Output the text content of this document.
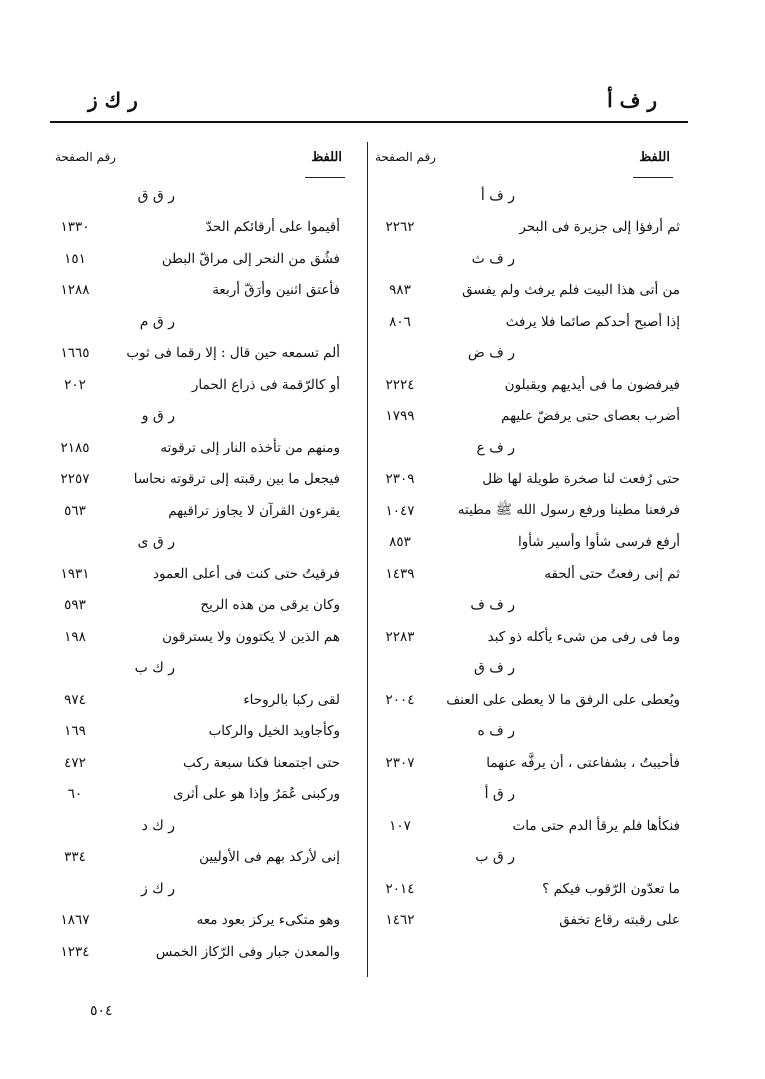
ر ف أ
ر ك ز
اللفظ
رقم الصفحة
اللفظ
رقم الصفحة
ر ف أ
ثم أرفؤا إلى جزيرة فى البحر
ر ف ث
من أتى هذا البيت فلم يرفث ولم يفسق
إذا أصبح أحدكم صائما فلا يرفث
ر ف ض
فيرفضون ما فى أيديهم ويقبلون
أضرب بعصاى حتى يرفضّ عليهم
ر ف ع
حتى رُفعت لنا صخرة طويلة لها ظل
فرفعنا مطينا ورفع رسول الله ﷺ مطيته
أرفع فرسى شأوا وأسير شأوا
ثم إنى رفعتُ حتى ألحقه
ر ف ف
وما فى رفى من شىء يأكله ذو كبد
ر ف ق
ويُعطى على الرفق ما لا يعطى على العنف
ر ف ه
فأحببتُ ، بشفاعتى ، أن يرفَّه عنهما
ر ق أ
فنكأها فلم يرقأ الدم حتى مات
ر ق ب
ما تعدّون الرّقوب فيكم ؟
على رقبته رقاع تخفق
٢٢٦٢
٩٨٣
٨٠٦
٢٢٢٤
١٧٩٩
٢٣٠٩
١٠٤٧
٨٥٣
١٤٣٩
٢٢٨٣
٢٠٠٤
٢٣٠٧
١٠٧
٢٠١٤
١٤٦٢
ر ق ق
أقيموا على أرقائكم الحدّ
فشُق من النحر إلى مراقّ البطن
فأعتق اثنين وأرَقّ أربعة
ر ق م
ألم تسمعه حين قال : إلا رقما فى ثوب
أو كالرّقمة فى ذراع الحمار
ر ق و
ومنهم من تأخذه النار إلى ترقوته
فيجعل ما بين رقبته إلى ترقوته نحاسا
يقرءون القرآن لا يجاوز تراقيهم
ر ق ى
فرقيتُ حتى كنت فى أعلى العمود
وكان يرقى من هذه الريح
هم الذين لا يكتوون ولا يسترقون
ر ك ب
لقى ركبا بالروحاء
وكأجاويد الخيل والركاب
حتى اجتمعنا فكنا سبعة ركب
وركبنى عُمَرُ وإذا هو على أثرى
ر ك د
إنى لأركد بهم فى الأوليين
ر ك ز
وهو متكىء يركز بعود معه
والمعدن جبار وفى الرّكاز الخمس
١٣٣٠
١٥١
١٢٨٨
١٦٦٥
٢٠٢
٢١٨٥
٢٢٥٧
٥٦٣
١٩٣١
٥٩٣
١٩٨
٩٧٤
١٦٩
٤٧٢
٦٠
٣٣٤
١٨٦٧
١٢٣٤
٥٠٤
